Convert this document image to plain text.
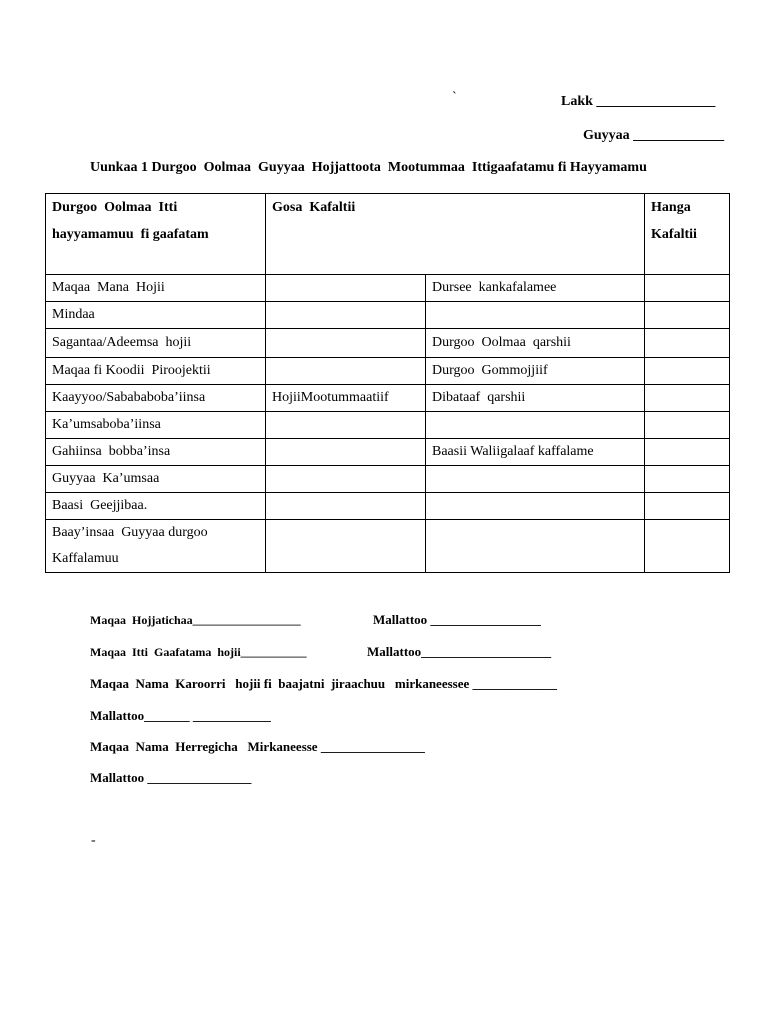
`	Lakk _________________
Guyyaa _____________
Uunkaa 1 Durgoo  Oolmaa  Guyyaa  Hojjattoota  Mootummaa  Ittigaafatamu fi Hayyamamu
Durgoo  Oolmaa  Itti
hayyamamuu  fi gaafatam	Gosa  Kafaltii		Hanga
Kafaltii
Maqaa  Mana  Hojii		Dursee  kankafalamee	
Mindaa			
Sagantaa/Adeemsa  hojii		Durgoo  Oolmaa  qarshii	
Maqaa fi Koodii  Piroojektii		Durgoo  Gommojjiif	
Kaayyoo/Sabababoba’iinsa	HojiiMootummaatiif	Dibataaf  qarshii	
Ka’umsaboba’iinsa			
Gahiinsa  bobba’insa		Baasii Waliigalaaf kaffalame	
Guyyaa  Ka’umsaa			
Baasi  Geejjibaa.			
Baay’insaa  Guyyaa durgoo
Kaffalamuu			
Maqaa  Hojjatichaa__________________	Mallattoo _________________
Maqaa  Itti  Gaafatama  hojii___________	Mallattoo____________________
Maqaa  Nama  Karoorri   hojii fi  baajatni  jiraachuu   mirkaneessee _____________
Mallattoo_______ ____________
Maqaa  Nama  Herregicha   Mirkaneesse ________________
Mallattoo ________________
-
